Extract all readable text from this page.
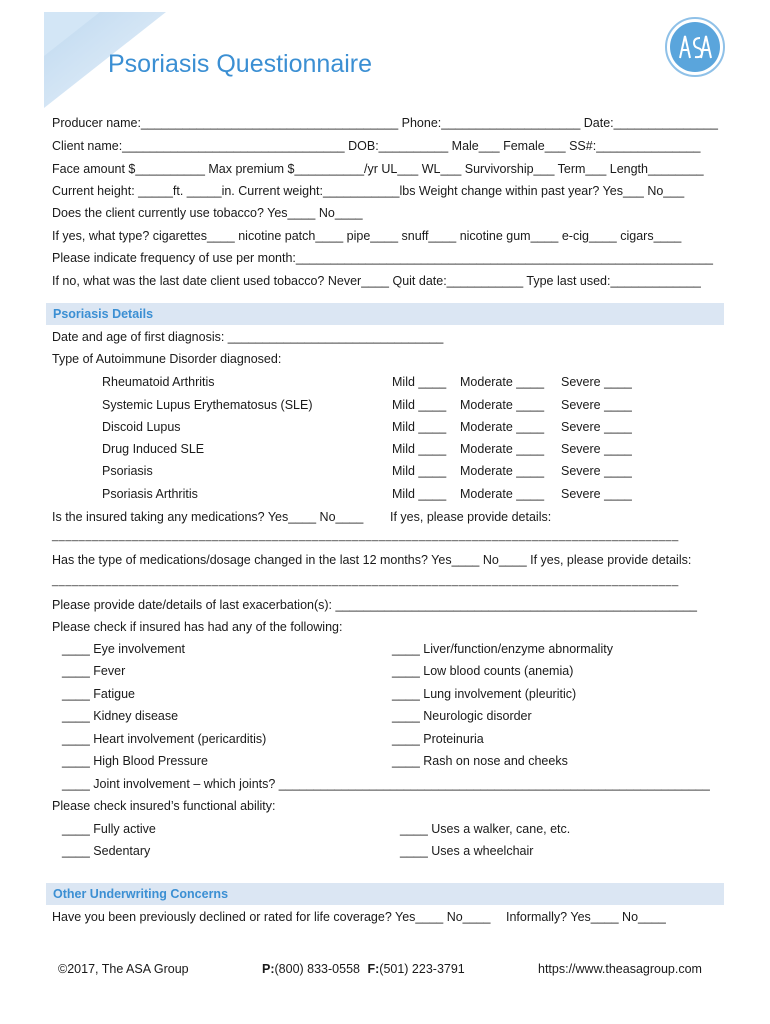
Psoriasis Questionnaire
Producer name:_____________________________________ Phone:____________________ Date:_______________
Client name:________________________________ DOB:__________ Male___ Female___ SS#:_______________
Face amount $__________ Max premium $__________/yr UL___ WL___ Survivorship___ Term___ Length________
Current height: _____ft. _____in. Current weight:___________lbs Weight change within past year? Yes___ No___
Does the client currently use tobacco? Yes____ No____
If yes, what type? cigarettes____ nicotine patch____ pipe____ snuff____ nicotine gum____ e-cig____ cigars____
Please indicate frequency of use per month:____________________________________________________________
If no, what was the last date client used tobacco? Never____ Quit date:___________ Type last used:_____________
Psoriasis Details
Date and age of first diagnosis: _______________________________
Type of Autoimmune Disorder diagnosed:
Rheumatoid Arthritis	Mild ____ Moderate ____ Severe ____
Systemic Lupus Erythematosus (SLE)	Mild ____ Moderate ____ Severe ____
Discoid Lupus	Mild ____ Moderate ____ Severe ____
Drug Induced SLE	Mild ____ Moderate ____ Severe ____
Psoriasis	Mild ____ Moderate ____ Severe ____
Psoriasis Arthritis	Mild ____ Moderate ____ Severe ____
Is the insured taking any medications? Yes____ No____ If yes, please provide details:
______________________________________________________________________________________________
Has the type of medications/dosage changed in the last 12 months? Yes____ No____ If yes, please provide details:
______________________________________________________________________________________________
Please provide date/details of last exacerbation(s): ____________________________________________________
Please check if insured has had any of the following:
____ Eye involvement
____ Fever
____ Fatigue
____ Kidney disease
____ Heart involvement (pericarditis)
____ High Blood Pressure
____ Liver/function/enzyme abnormality
____ Low blood counts (anemia)
____ Lung involvement (pleuritic)
____ Neurologic disorder
____ Proteinuria
____ Rash on nose and cheeks
____ Joint involvement – which joints? ______________________________________________________________
Please check insured’s functional ability:
____ Fully active
____ Sedentary
____ Uses a walker, cane, etc.
____ Uses a wheelchair
Other Underwriting Concerns
Have you been previously declined or rated for life coverage? Yes____ No____ Informally? Yes____ No____
©2017, The ASA Group	P:(800) 833-0558 F:(501) 223-3791	https://www.theasagroup.com
